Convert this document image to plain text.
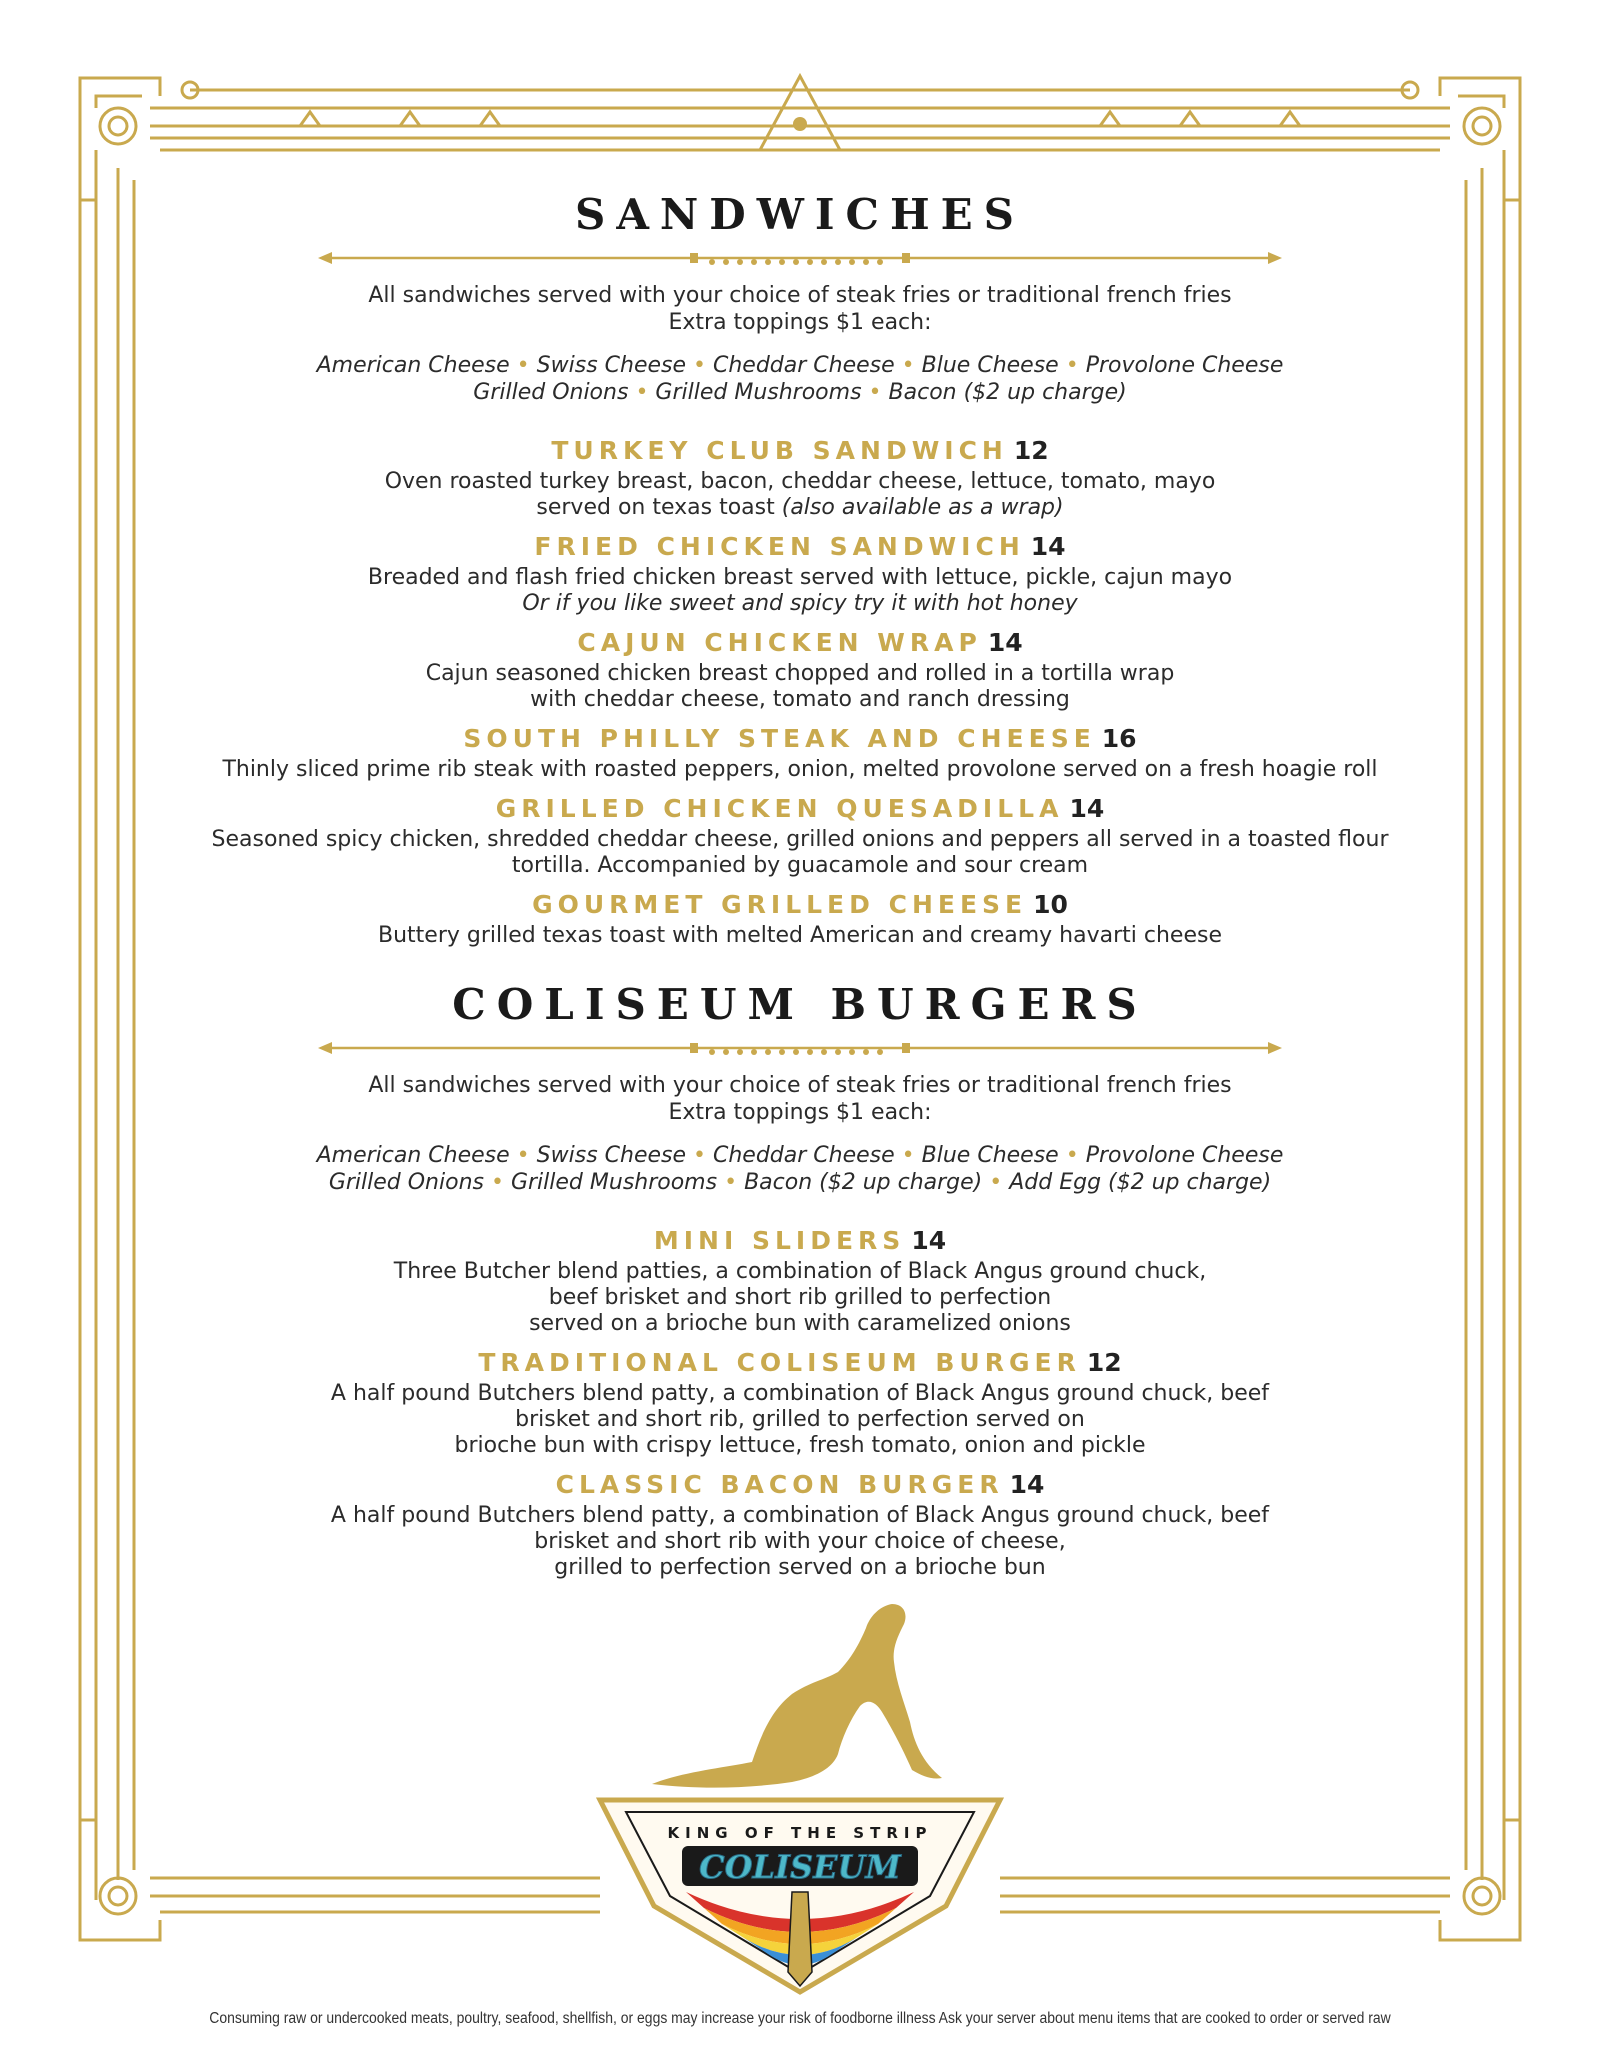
SANDWICHES
All sandwiches served with your choice of steak fries or traditional french fries
Extra toppings $1 each:
American Cheese • Swiss Cheese • Cheddar Cheese • Blue Cheese • Provolone Cheese
Grilled Onions • Grilled Mushrooms • Bacon ($2 up charge)
TURKEY CLUB SANDWICH 12
Oven roasted turkey breast, bacon, cheddar cheese, lettuce, tomato, mayo
served on texas toast (also available as a wrap)
FRIED CHICKEN SANDWICH 14
Breaded and flash fried chicken breast served with lettuce, pickle, cajun mayo
Or if you like sweet and spicy try it with hot honey
CAJUN CHICKEN WRAP 14
Cajun seasoned chicken breast chopped and rolled in a tortilla wrap
with cheddar cheese, tomato and ranch dressing
SOUTH PHILLY STEAK AND CHEESE 16
Thinly sliced prime rib steak with roasted peppers, onion, melted provolone served on a fresh hoagie roll
GRILLED CHICKEN QUESADILLA 14
Seasoned spicy chicken, shredded cheddar cheese, grilled onions and peppers all served in a toasted flour
tortilla. Accompanied by guacamole and sour cream
GOURMET GRILLED CHEESE 10
Buttery grilled texas toast with melted American and creamy havarti cheese
COLISEUM BURGERS
All sandwiches served with your choice of steak fries or traditional french fries
Extra toppings $1 each:
American Cheese • Swiss Cheese • Cheddar Cheese • Blue Cheese • Provolone Cheese
Grilled Onions • Grilled Mushrooms • Bacon ($2 up charge) • Add Egg ($2 up charge)
MINI SLIDERS 14
Three Butcher blend patties, a combination of Black Angus ground chuck,
beef brisket and short rib grilled to perfection
served on a brioche bun with caramelized onions
TRADITIONAL COLISEUM BURGER 12
A half pound Butchers blend patty, a combination of Black Angus ground chuck, beef
brisket and short rib, grilled to perfection served on
brioche bun with crispy lettuce, fresh tomato, onion and pickle
CLASSIC BACON BURGER 14
A half pound Butchers blend patty, a combination of Black Angus ground chuck, beef
brisket and short rib with your choice of cheese,
grilled to perfection served on a brioche bun
KING OF THE STRIP
COLISEUM
Consuming raw or undercooked meats, poultry, seafood, shellfish, or eggs may increase your risk of foodborne illness Ask your server about menu items that are cooked to order or served raw
